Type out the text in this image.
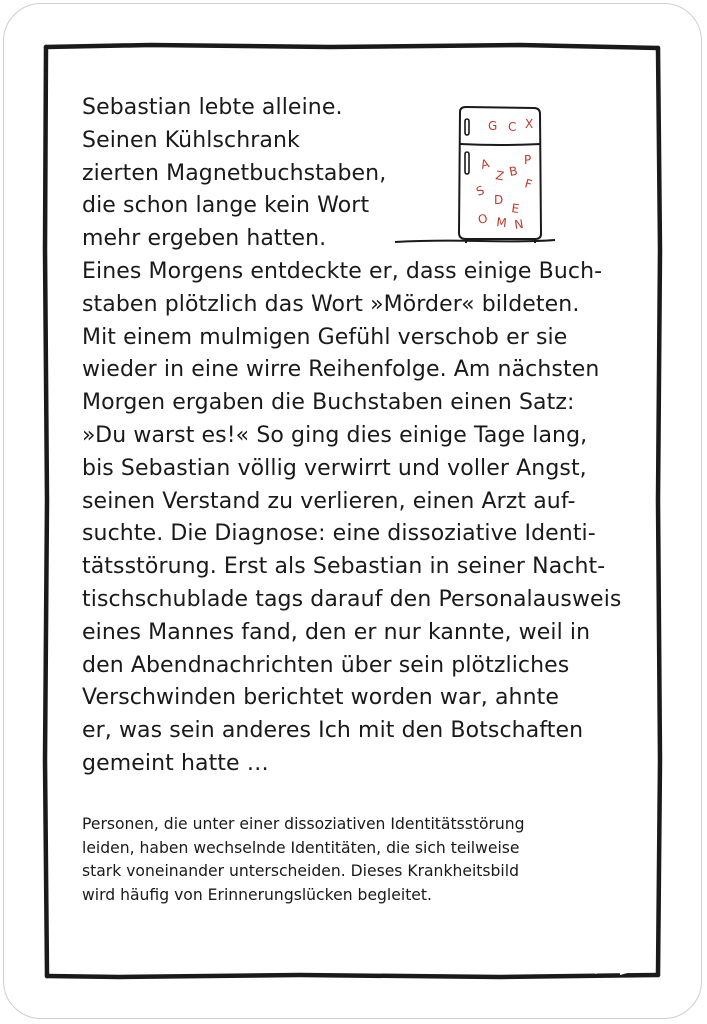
Sebastian lebte alleine.
Seinen Kühlschrank
zierten Magnetbuchstaben,
die schon lange kein Wort
mehr ergeben hatten.
Eines Morgens entdeckte er, dass einige Buch-
staben plötzlich das Wort »Mörder« bildeten.
Mit einem mulmigen Gefühl verschob er sie
wieder in eine wirre Reihenfolge. Am nächsten
Morgen ergaben die Buchstaben einen Satz:
»Du warst es!« So ging dies einige Tage lang,
bis Sebastian völlig verwirrt und voller Angst,
seinen Verstand zu verlieren, einen Arzt auf-
suchte. Die Diagnose: eine dissoziative Identi-
tätsstörung. Erst als Sebastian in seiner Nacht-
tischschublade tags darauf den Personalausweis
eines Mannes fand, den er nur kannte, weil in
den Abendnachrichten über sein plötzliches
Verschwinden berichtet worden war, ahnte
er, was sein anderes Ich mit den Botschaften
gemeint hatte …
G C X
P
A
Z B
F
S
D
E
O M N
Personen, die unter einer dissoziativen Identitätsstörung
leiden, haben wechselnde Identitäten, die sich teilweise
stark voneinander unterscheiden. Dieses Krankheitsbild
wird häufig von Erinnerungslücken begleitet.
